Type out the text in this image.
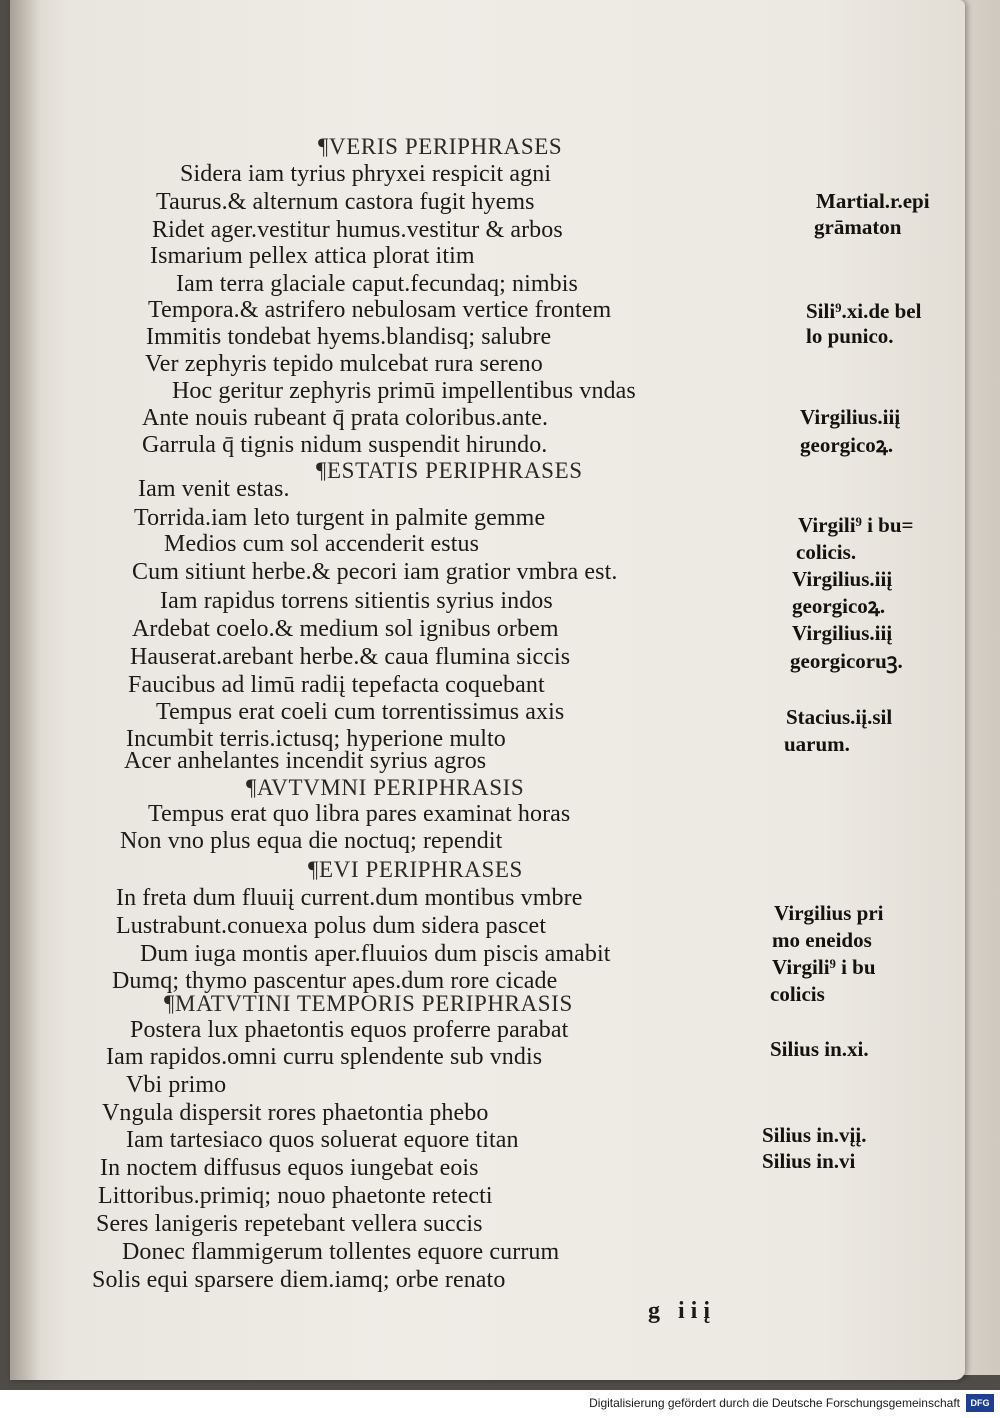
¶VERIS PERIPHRASES
Sidera iam tyrius phryxei respicit agni
Taurus.& alternum castora fugit hyems
Ridet ager.vestitur humus.vestitur & arbos
Ismarium pellex attica plorat itim
Iam terra glaciale caput.fecundaq; nimbis
Tempora.& astrifero nebulosam vertice frontem
Immitis tondebat hyems.blandisq; salubre
Ver zephyris tepido mulcebat rura sereno
Hoc geritur zephyris primū impellentibus vndas
Ante nouis rubeant q̄ prata coloribus.ante.
Garrula q̄ tignis nidum suspendit hirundo.
¶ESTATIS PERIPHRASES
Iam venit estas.
Torrida.iam leto turgent in palmite gemme
Medios cum sol accenderit estus
Cum sitiunt herbe.& pecori iam gratior vmbra est.
Iam rapidus torrens sitientis syrius indos
Ardebat coelo.& medium sol ignibus orbem
Hauserat.arebant herbe.& caua flumina siccis
Faucibus ad limū radiį tepefacta coquebant
Tempus erat coeli cum torrentissimus axis
Incumbit terris.ictusq; hyperione multo
Acer anhelantes incendit syrius agros
¶AVTVMNI PERIPHRASIS
Tempus erat quo libra pares examinat horas
Non vno plus equa die noctuq; rependit
¶EVI PERIPHRASES
In freta dum fluuiį current.dum montibus vmbre
Lustrabunt.conuexa polus dum sidera pascet
Dum iuga montis aper.fluuios dum piscis amabit
Dumq; thymo pascentur apes.dum rore cicade
¶MATVTINI TEMPORIS PERIPHRASIS
Postera lux phaetontis equos proferre parabat
Iam rapidos.omni curru splendente sub vndis
Vbi primo
Vngula dispersit rores phaetontia phebo
Iam tartesiaco quos soluerat equore titan
In noctem diffusus equos iungebat eois
Littoribus.primiq; nouo phaetonte retecti
Seres lanigeris repetebant vellera succis
Donec flammigerum tollentes equore currum
Solis equi sparsere diem.iamq; orbe renato
Martial.r.epi
grāmaton
Sili⁹.xi.de bel
lo punico.
Virgilius.iiį
georgicoꝝ.
Virgili⁹ i bu=
colicis.
Virgilius.iiį
georgicoꝝ.
Virgilius.iiį
georgicoruꝫ.
Stacius.iį.sil
uarum.
Virgilius pri
mo eneidos
Virgili⁹ i bu
colicis
Silius in.xi.
Silius in.vįį.
Silius in.vi
g iiį
Digitalisierung gefördert durch die Deutsche Forschungsgemeinschaft	DFG
